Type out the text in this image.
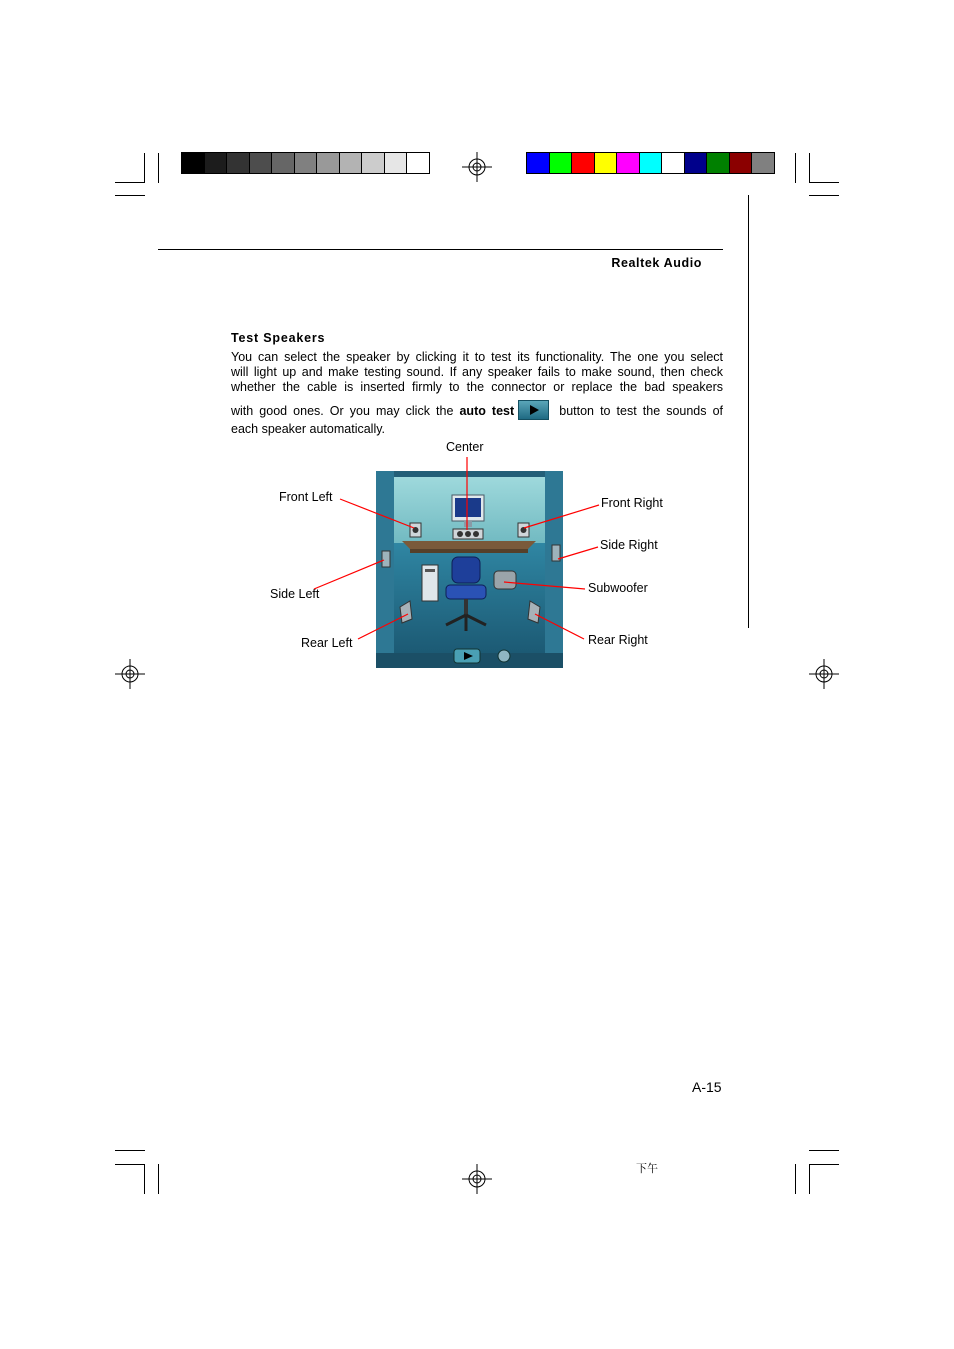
Realtek Audio
Test Speakers
You can select the speaker by clicking it to test its functionality. The one you select
will light up and make testing sound. If any speaker fails to make sound, then check
whether the cable is inserted firmly to the connector or replace the bad speakers
with good ones. Or you may click the auto test	button to test the sounds of
each speaker automatically.
Center
Front Left	Front Right
Side Right
Subwoofer
Side Left
Rear Left	Rear Right
A-15
下午
